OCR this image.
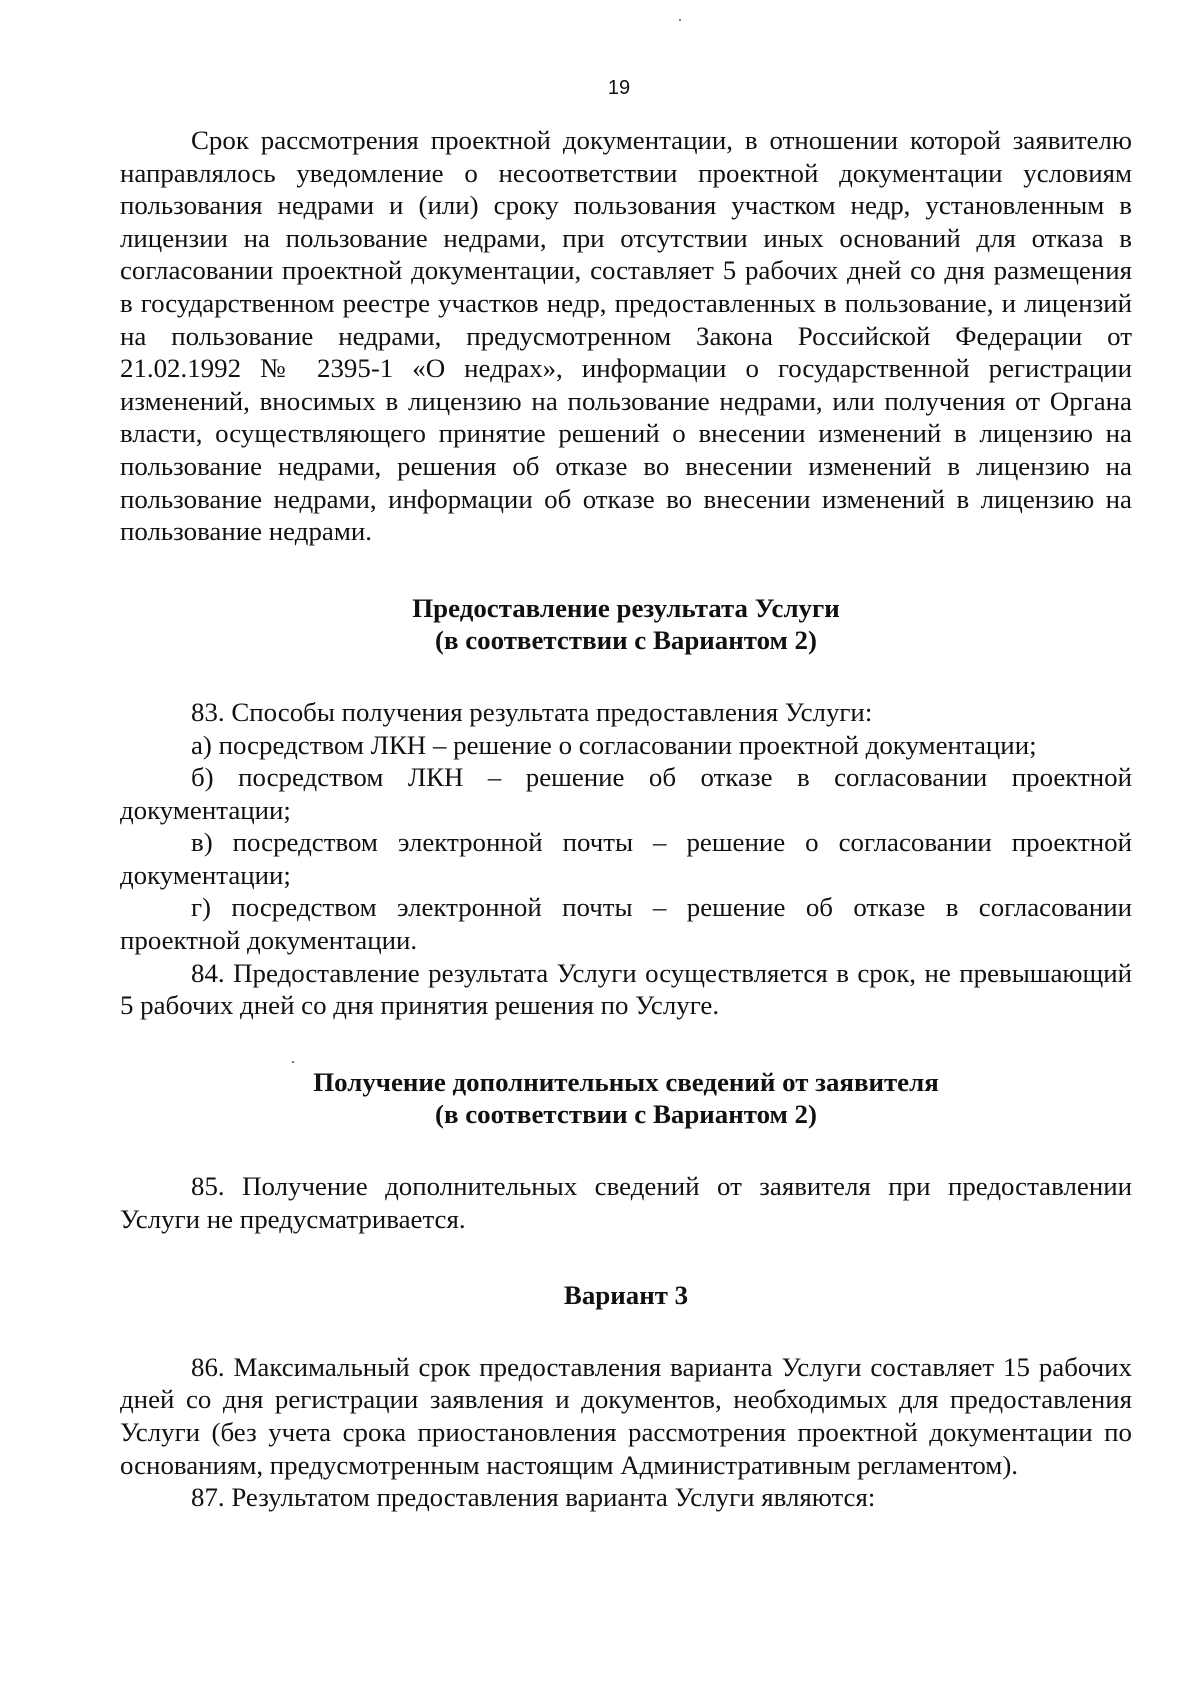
19

Срок рассмотрения проектной документации, в отношении которой заявителю направлялось уведомление о несоответствии проектной документации условиям пользования недрами и (или) сроку пользования участком недр, установленным в лицензии на пользование недрами, при отсутствии иных оснований для отказа в согласовании проектной документации, составляет 5 рабочих дней со дня размещения в государственном реестре участков недр, предоставленных в пользование, и лицензий на пользование недрами, предусмотренном Закона Российской Федерации от 21.02.1992 № 2395-1 «О недрах», информации о государственной регистрации изменений, вносимых в лицензию на пользование недрами, или получения от Органа власти, осуществляющего принятие решений о внесении изменений в лицензию на пользование недрами, решения об отказе во внесении изменений в лицензию на пользование недрами, информации об отказе во внесении изменений в лицензию на пользование недрами.

Предоставление результата Услуги
(в соответствии с Вариантом 2)

83. Способы получения результата предоставления Услуги:

а) посредством ЛКН – решение о согласовании проектной документации;

б) посредством ЛКН – решение об отказе в согласовании проектной документации;

в) посредством электронной почты – решение о согласовании проектной документации;

г) посредством электронной почты – решение об отказе в согласовании проектной документации.

84. Предоставление результата Услуги осуществляется в срок, не превышающий 5 рабочих дней со дня принятия решения по Услуге.

Получение дополнительных сведений от заявителя
(в соответствии с Вариантом 2)

85. Получение дополнительных сведений от заявителя при предоставлении Услуги не предусматривается.

Вариант 3

86. Максимальный срок предоставления варианта Услуги составляет 15 рабочих дней со дня регистрации заявления и документов, необходимых для предоставления Услуги (без учета срока приостановления рассмотрения проектной документации по основаниям, предусмотренным настоящим Административным регламентом).

87. Результатом предоставления варианта Услуги являются:
